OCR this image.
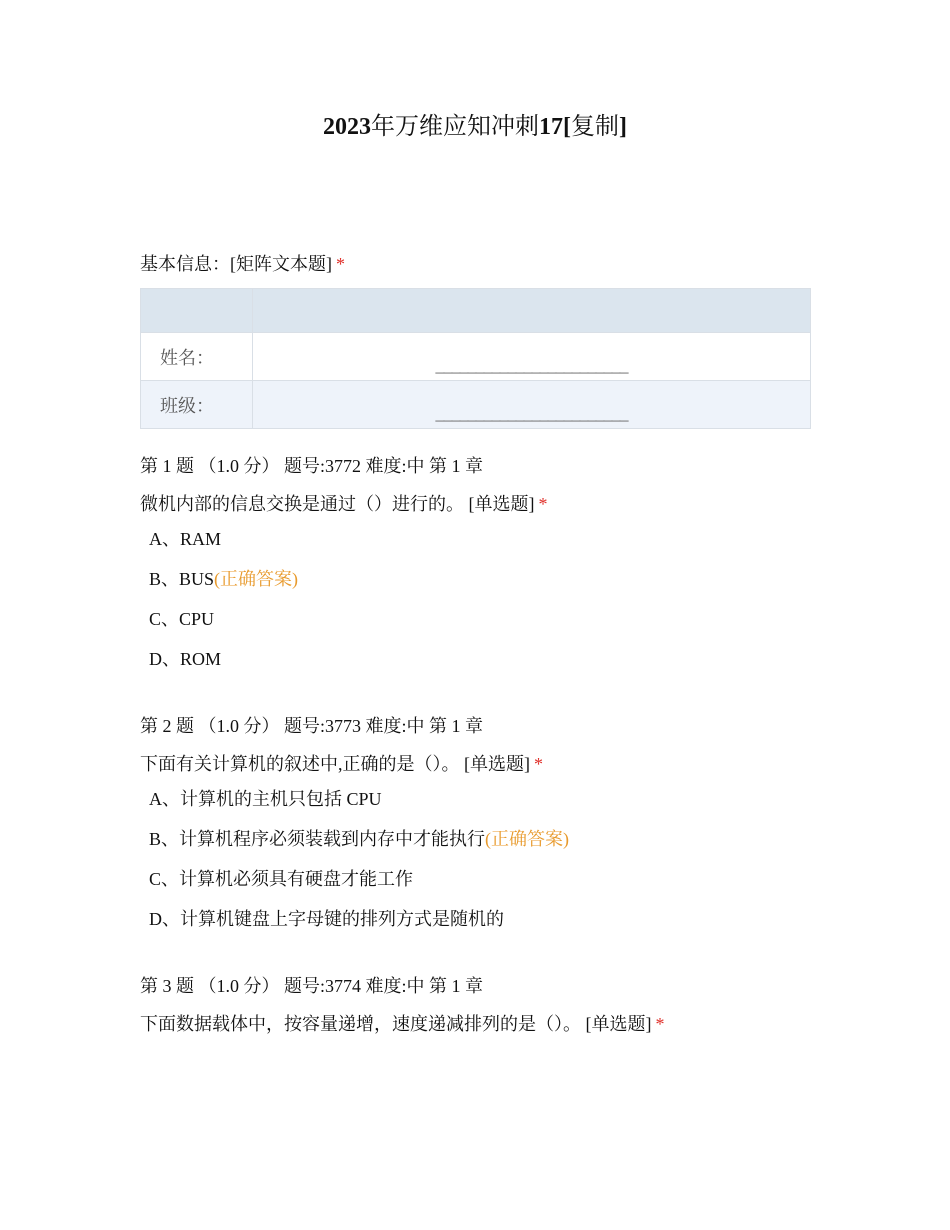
2023年万维应知冲刺17[复制]
基本信息：[矩阵文本题] *

姓名：	________________________
班级：	________________________
第 1 题 （1.0 分） 题号:3772 难度:中 第 1 章
微机内部的信息交换是通过（）进行的。 [单选题] *
A、RAM
B、BUS(正确答案)
C、CPU
D、ROM
第 2 题 （1.0 分） 题号:3773 难度:中 第 1 章
下面有关计算机的叙述中,正确的是（）。 [单选题] *
A、计算机的主机只包括 CPU
B、计算机程序必须装载到内存中才能执行(正确答案)
C、计算机必须具有硬盘才能工作
D、计算机键盘上字母键的排列方式是随机的
第 3 题 （1.0 分） 题号:3774 难度:中 第 1 章
下面数据载体中，按容量递增，速度递减排列的是（）。 [单选题] *
